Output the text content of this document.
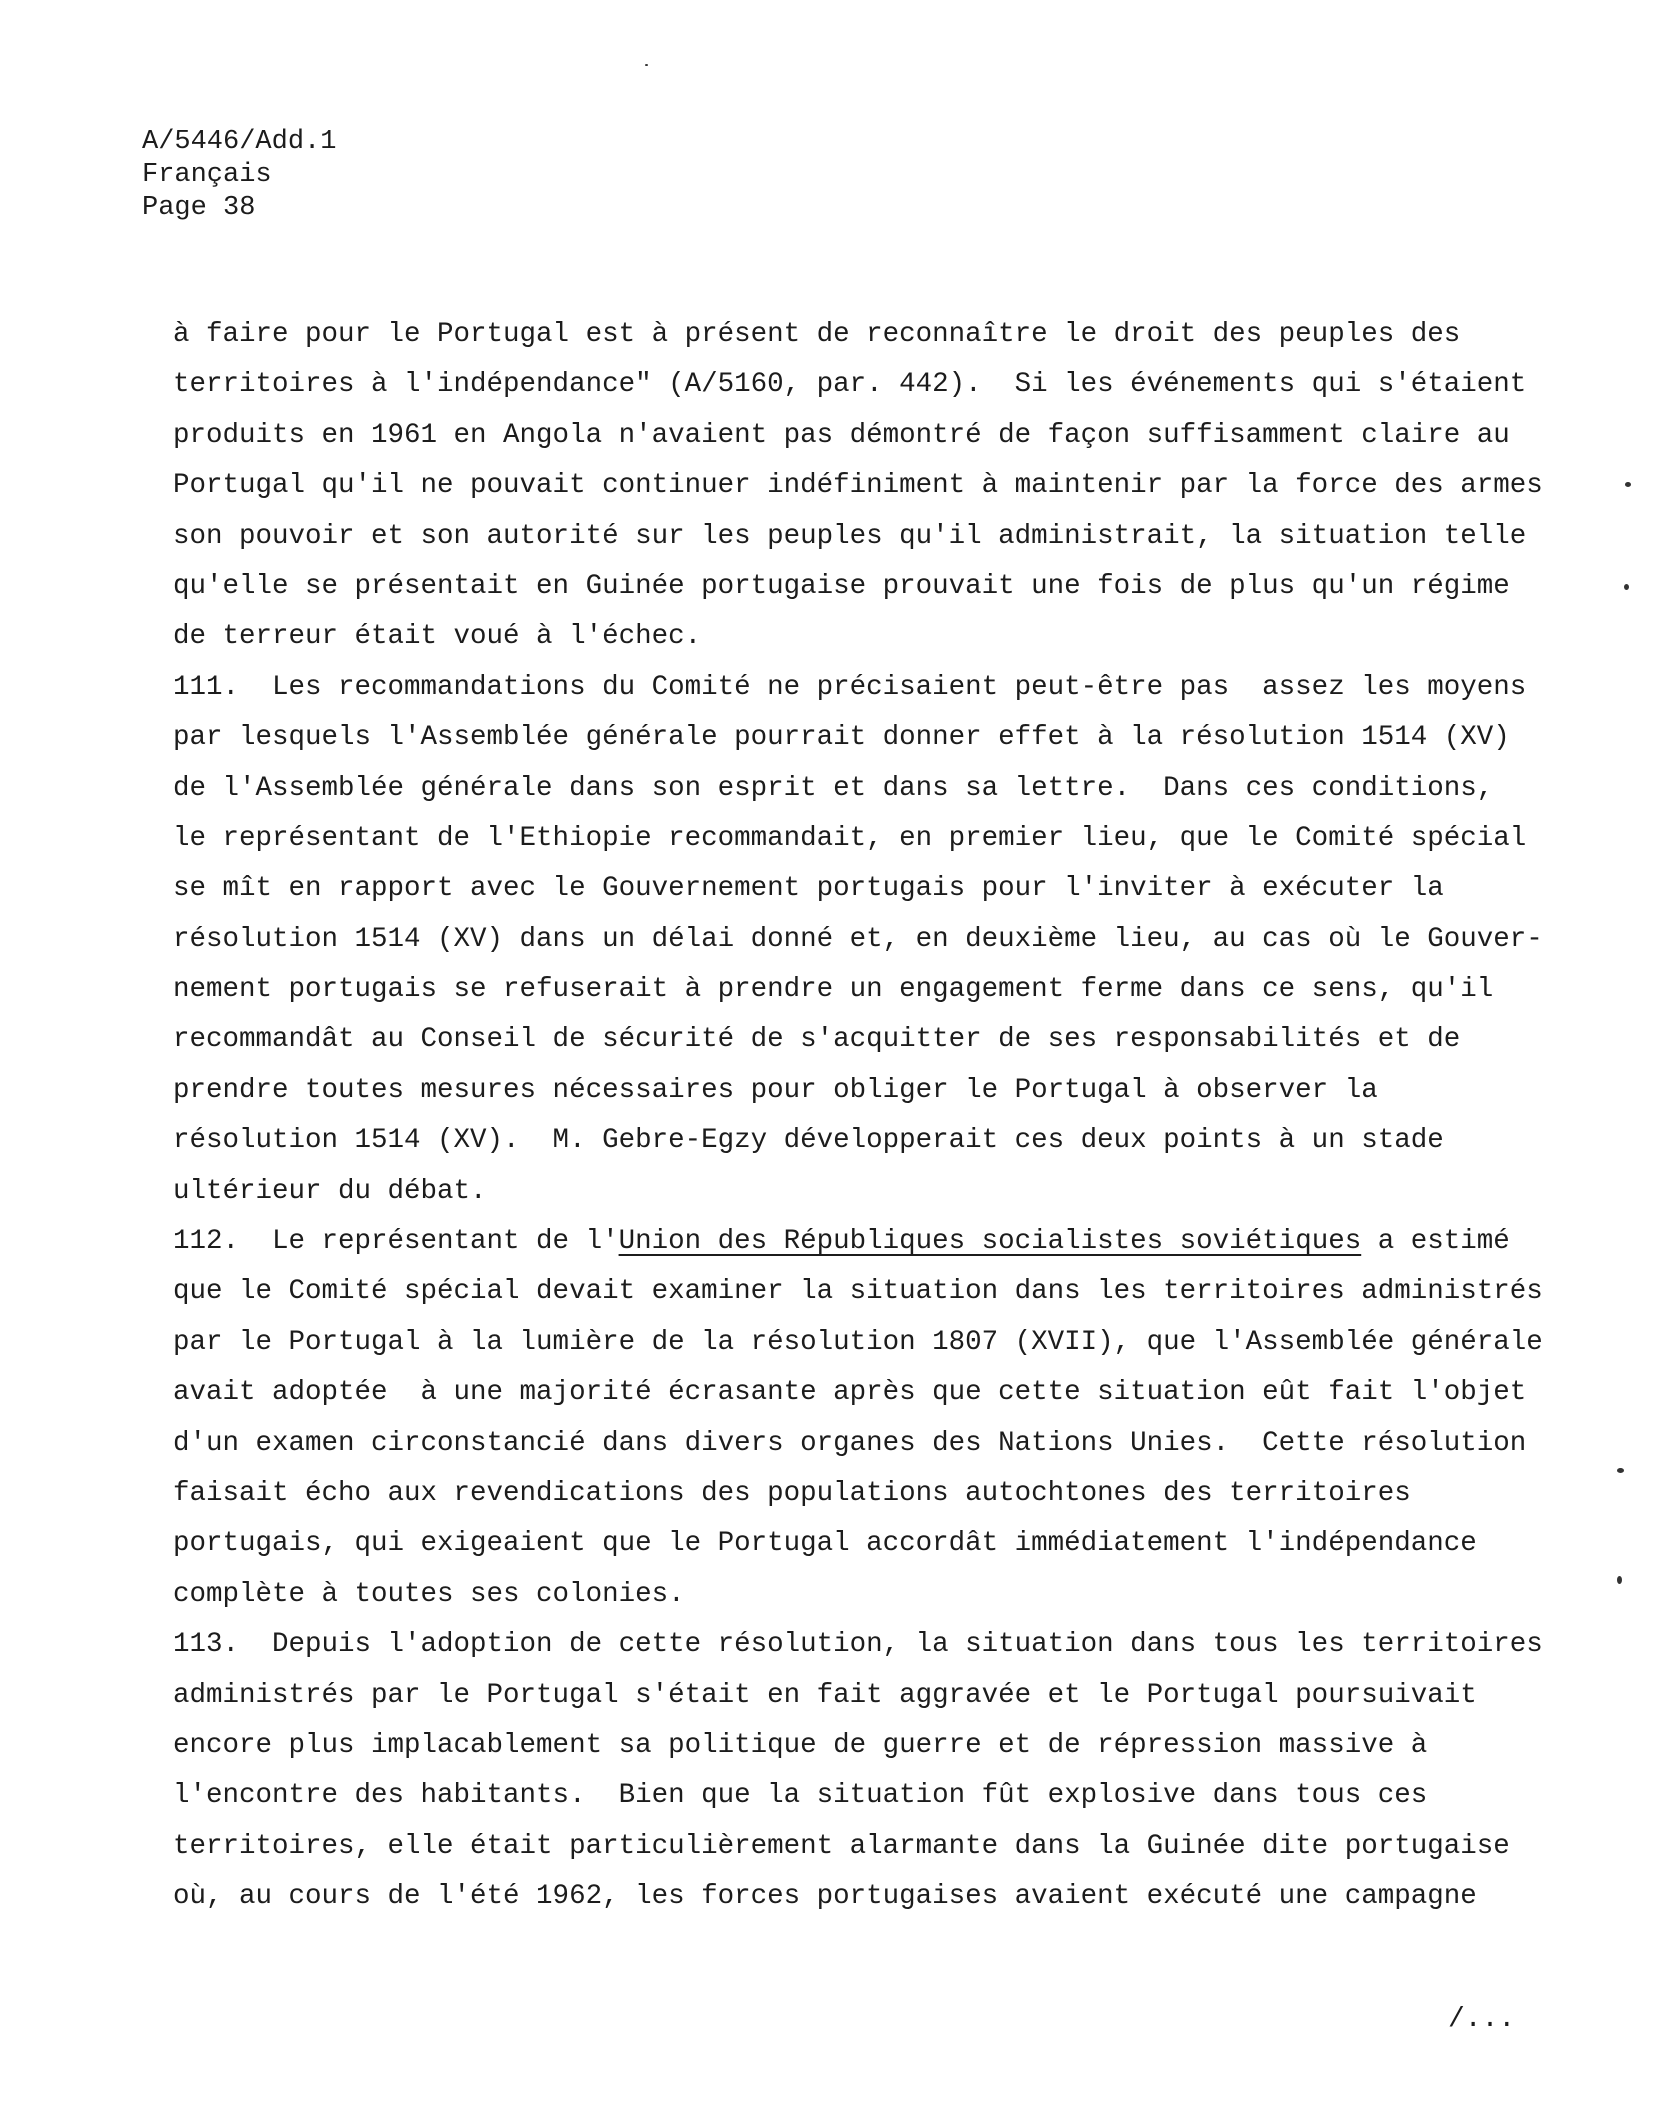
A/5446/Add.1
Français
Page 38
à faire pour le Portugal est à présent de reconnaître le droit des peuples des
territoires à l'indépendance" (A/5160, par. 442).  Si les événements qui s'étaient
produits en 1961 en Angola n'avaient pas démontré de façon suffisamment claire au
Portugal qu'il ne pouvait continuer indéfiniment à maintenir par la force des armes
son pouvoir et son autorité sur les peuples qu'il administrait, la situation telle
qu'elle se présentait en Guinée portugaise prouvait une fois de plus qu'un régime
de terreur était voué à l'échec.
111.  Les recommandations du Comité ne précisaient peut-être pas  assez les moyens
par lesquels l'Assemblée générale pourrait donner effet à la résolution 1514 (XV)
de l'Assemblée générale dans son esprit et dans sa lettre.  Dans ces conditions,
le représentant de l'Ethiopie recommandait, en premier lieu, que le Comité spécial
se mît en rapport avec le Gouvernement portugais pour l'inviter à exécuter la
résolution 1514 (XV) dans un délai donné et, en deuxième lieu, au cas où le Gouver-
nement portugais se refuserait à prendre un engagement ferme dans ce sens, qu'il
recommandât au Conseil de sécurité de s'acquitter de ses responsabilités et de
prendre toutes mesures nécessaires pour obliger le Portugal à observer la
résolution 1514 (XV).  M. Gebre-Egzy développerait ces deux points à un stade
ultérieur du débat.
112.  Le représentant de l'Union des Républiques socialistes soviétiques a estimé
que le Comité spécial devait examiner la situation dans les territoires administrés
par le Portugal à la lumière de la résolution 1807 (XVII), que l'Assemblée générale
avait adoptée  à une majorité écrasante après que cette situation eût fait l'objet
d'un examen circonstancié dans divers organes des Nations Unies.  Cette résolution
faisait écho aux revendications des populations autochtones des territoires
portugais, qui exigeaient que le Portugal accordât immédiatement l'indépendance
complète à toutes ses colonies.
113.  Depuis l'adoption de cette résolution, la situation dans tous les territoires
administrés par le Portugal s'était en fait aggravée et le Portugal poursuivait
encore plus implacablement sa politique de guerre et de répression massive à
l'encontre des habitants.  Bien que la situation fût explosive dans tous ces
territoires, elle était particulièrement alarmante dans la Guinée dite portugaise
où, au cours de l'été 1962, les forces portugaises avaient exécuté une campagne
/...
